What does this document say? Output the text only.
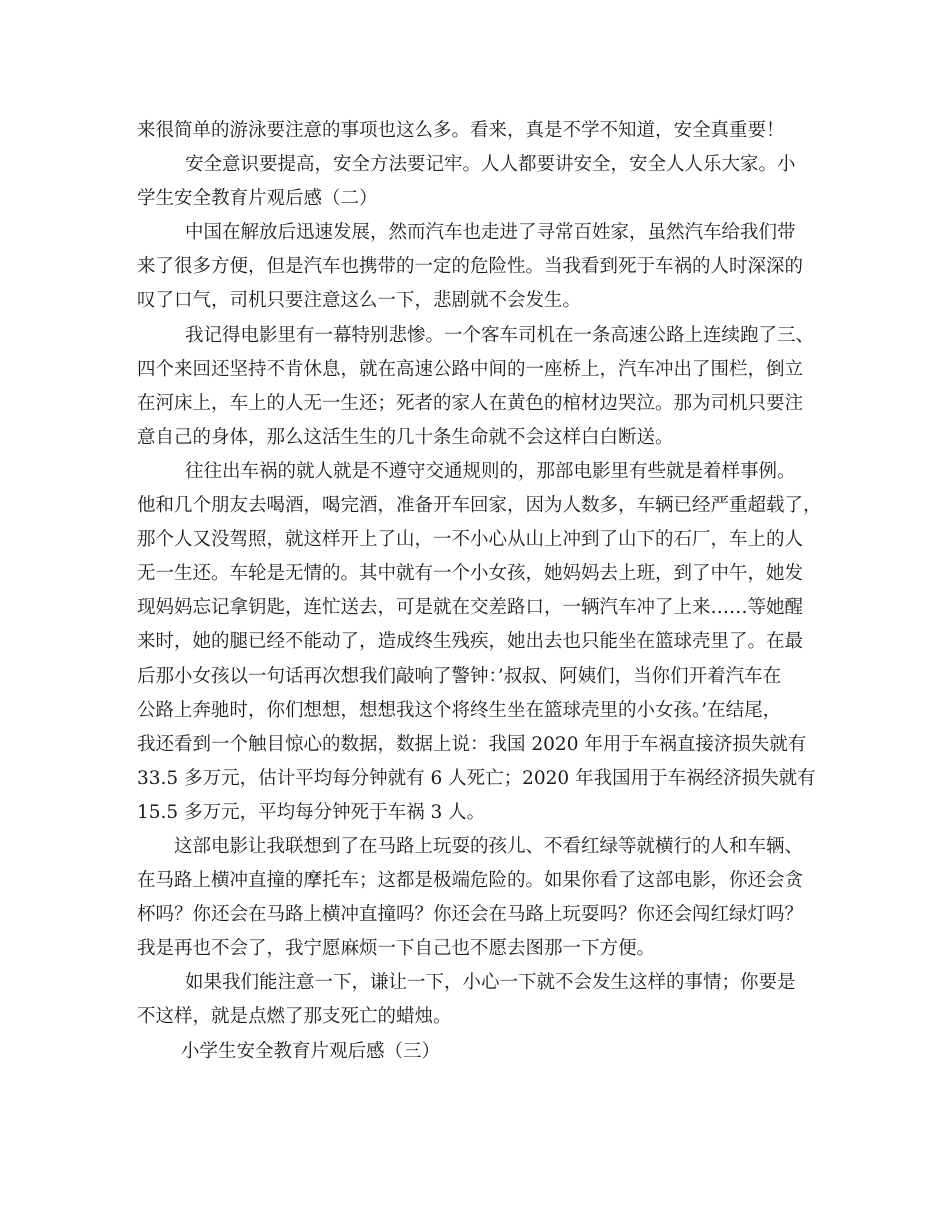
来很简单的游泳要注意的事项也这么多。看来，真是不学不知道，安全真重要！
安全意识要提高，安全方法要记牢。人人都要讲安全，安全人人乐大家。小
学生安全教育片观后感（二）
中国在解放后迅速发展，然而汽车也走进了寻常百姓家，虽然汽车给我们带
来了很多方便，但是汽车也携带的一定的危险性。当我看到死于车祸的人时深深的
叹了口气，司机只要注意这么一下，悲剧就不会发生。
我记得电影里有一幕特别悲惨。一个客车司机在一条高速公路上连续跑了三、
四个来回还坚持不肯休息，就在高速公路中间的一座桥上，汽车冲出了围栏，倒立
在河床上，车上的人无一生还；死者的家人在黄色的棺材边哭泣。那为司机只要注
意自己的身体，那么这活生生的几十条生命就不会这样白白断送。
往往出车祸的就人就是不遵守交通规则的，那部电影里有些就是着样事例。
他和几个朋友去喝酒，喝完酒，准备开车回家，因为人数多，车辆已经严重超载了，
那个人又没驾照，就这样开上了山，一不小心从山上冲到了山下的石厂，车上的人
无一生还。车轮是无情的。其中就有一个小女孩，她妈妈去上班，到了中午，她发
现妈妈忘记拿钥匙，连忙送去，可是就在交差路口，一辆汽车冲了上来……等她醒
来时，她的腿已经不能动了，造成终生残疾，她出去也只能坐在篮球壳里了。在最
后那小女孩以一句话再次想我们敲响了警钟：’叔叔、阿姨们，当你们开着汽车在
公路上奔驰时，你们想想，想想我这个将终生坐在篮球壳里的小女孩。’在结尾，
我还看到一个触目惊心的数据，数据上说：我国 2020 年用于车祸直接济损失就有
33.5 多万元，估计平均每分钟就有 6 人死亡；2020 年我国用于车祸经济损失就有
15.5 多万元，平均每分钟死于车祸 3 人。
这部电影让我联想到了在马路上玩耍的孩儿、不看红绿等就横行的人和车辆、
在马路上横冲直撞的摩托车；这都是极端危险的。如果你看了这部电影，你还会贪
杯吗？你还会在马路上横冲直撞吗？你还会在马路上玩耍吗？你还会闯红绿灯吗？
我是再也不会了，我宁愿麻烦一下自己也不愿去图那一下方便。
如果我们能注意一下，谦让一下，小心一下就不会发生这样的事情；你要是
不这样，就是点燃了那支死亡的蜡烛。
小学生安全教育片观后感（三）
